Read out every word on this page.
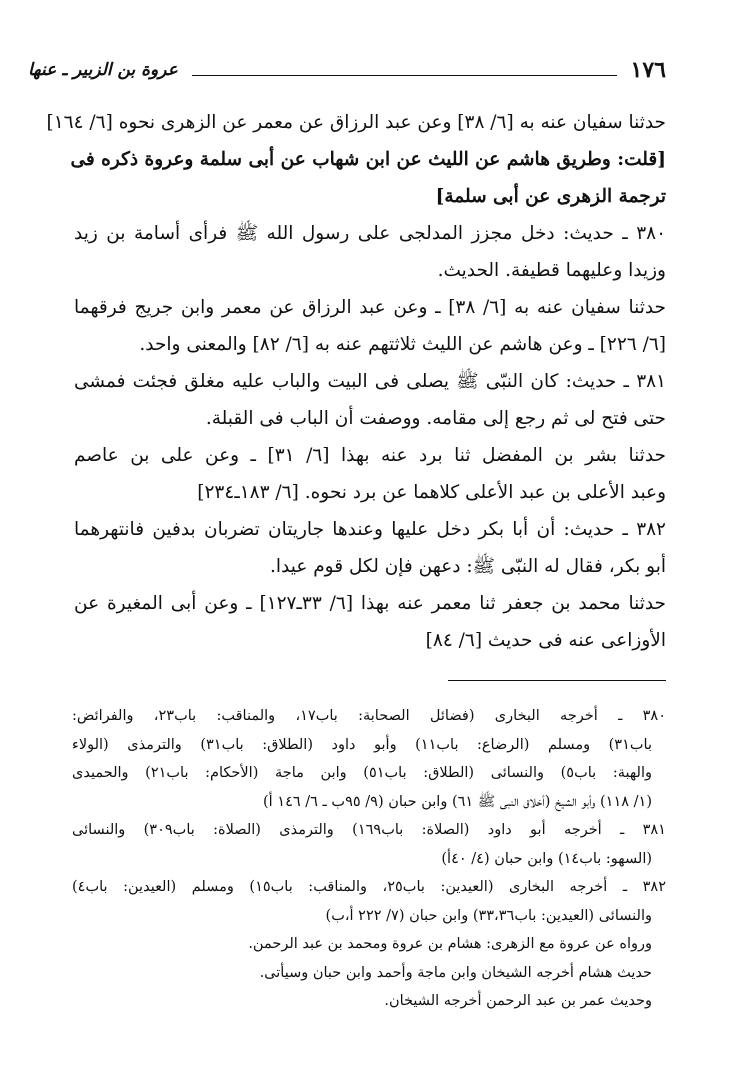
١٧٦
عروة بن الزبير ـ عنها
حدثنا سفيان عنه به [٦/ ٣٨] وعن عبد الرزاق عن معمر عن الزهرى نحوه [٦/ ١٦٤]
[قلت: وطريق هاشم عن الليث عن ابن شهاب عن أبى سلمة وعروة ذكره فى
ترجمة الزهرى عن أبى سلمة]
٣٨٠ ـ حديث: دخل مجزز المدلجى على رسول الله ﷺ فرأى أسامة بن زيد
وزيدا وعليهما قطيفة. الحديث.
حدثنا سفيان عنه به [٦/ ٣٨] ـ وعن عبد الرزاق عن معمر وابن جريج فرقهما
[٦/ ٢٢٦] ـ وعن هاشم عن الليث ثلاثتهم عنه به [٦/ ٨٢] والمعنى واحد.
٣٨١ ـ حديث: كان النبّى ﷺ يصلى فى البيت والباب عليه مغلق فجئت فمشى
حتى فتح لى ثم رجع إلى مقامه. ووصفت أن الباب فى القبلة.
حدثنا بشر بن المفضل ثنا برد عنه بهذا [٦/ ٣١] ـ وعن على بن عاصم
وعبد الأعلى بن عبد الأعلى كلاهما عن برد نحوه. [٦/ ١٨٣ـ٢٣٤]
٣٨٢ ـ حديث: أن أبا بكر دخل عليها وعندها جاريتان تضربان بدفين فانتهرهما
أبو بكر، فقال له النبّى ﷺ: دعهن فإن لكل قوم عيدا.
حدثنا محمد بن جعفر ثنا معمر عنه بهذا [٦/ ٣٣ـ١٢٧] ـ وعن أبى المغيرة عن
الأوزاعى عنه فى حديث [٦/ ٨٤]
٣٨٠ ـ أخرجه البخارى (فضائل الصحابة: باب١٧، والمناقب: باب٢٣، والفرائض:
باب٣١) ومسلم (الرضاع: باب١١) وأبو داود (الطلاق: باب٣١) والترمذى (الولاء
والهبة: باب٥) والنسائى (الطلاق: باب٥١) وابن ماجة (الأحكام: باب٢١) والحميدى
(١/ ١١٨) وأبو الشيخ (أخلاق النبى ﷺ ٦١) وابن حبان (٩/ ٩٥ب ـ ٦/ ١٤٦ أ)
٣٨١ ـ أخرجه أبو داود (الصلاة: باب١٦٩) والترمذى (الصلاة: باب٣٠٩) والنسائى
(السهو: باب١٤) وابن حبان (٤/ ٤٠أ)
٣٨٢ ـ أخرجه البخارى (العيدين: باب٢٥، والمناقب: باب١٥) ومسلم (العيدين: باب٤)
والنسائى (العيدين: باب٣٣،٣٦) وابن حبان (٧/ ٢٢٢ أ،ب)
ورواه عن عروة مع الزهرى: هشام بن عروة ومحمد بن عبد الرحمن.
حديث هشام أخرجه الشيخان وابن ماجة وأحمد وابن حبان وسيأتى.
وحديث عمر بن عبد الرحمن أخرجه الشيخان.
